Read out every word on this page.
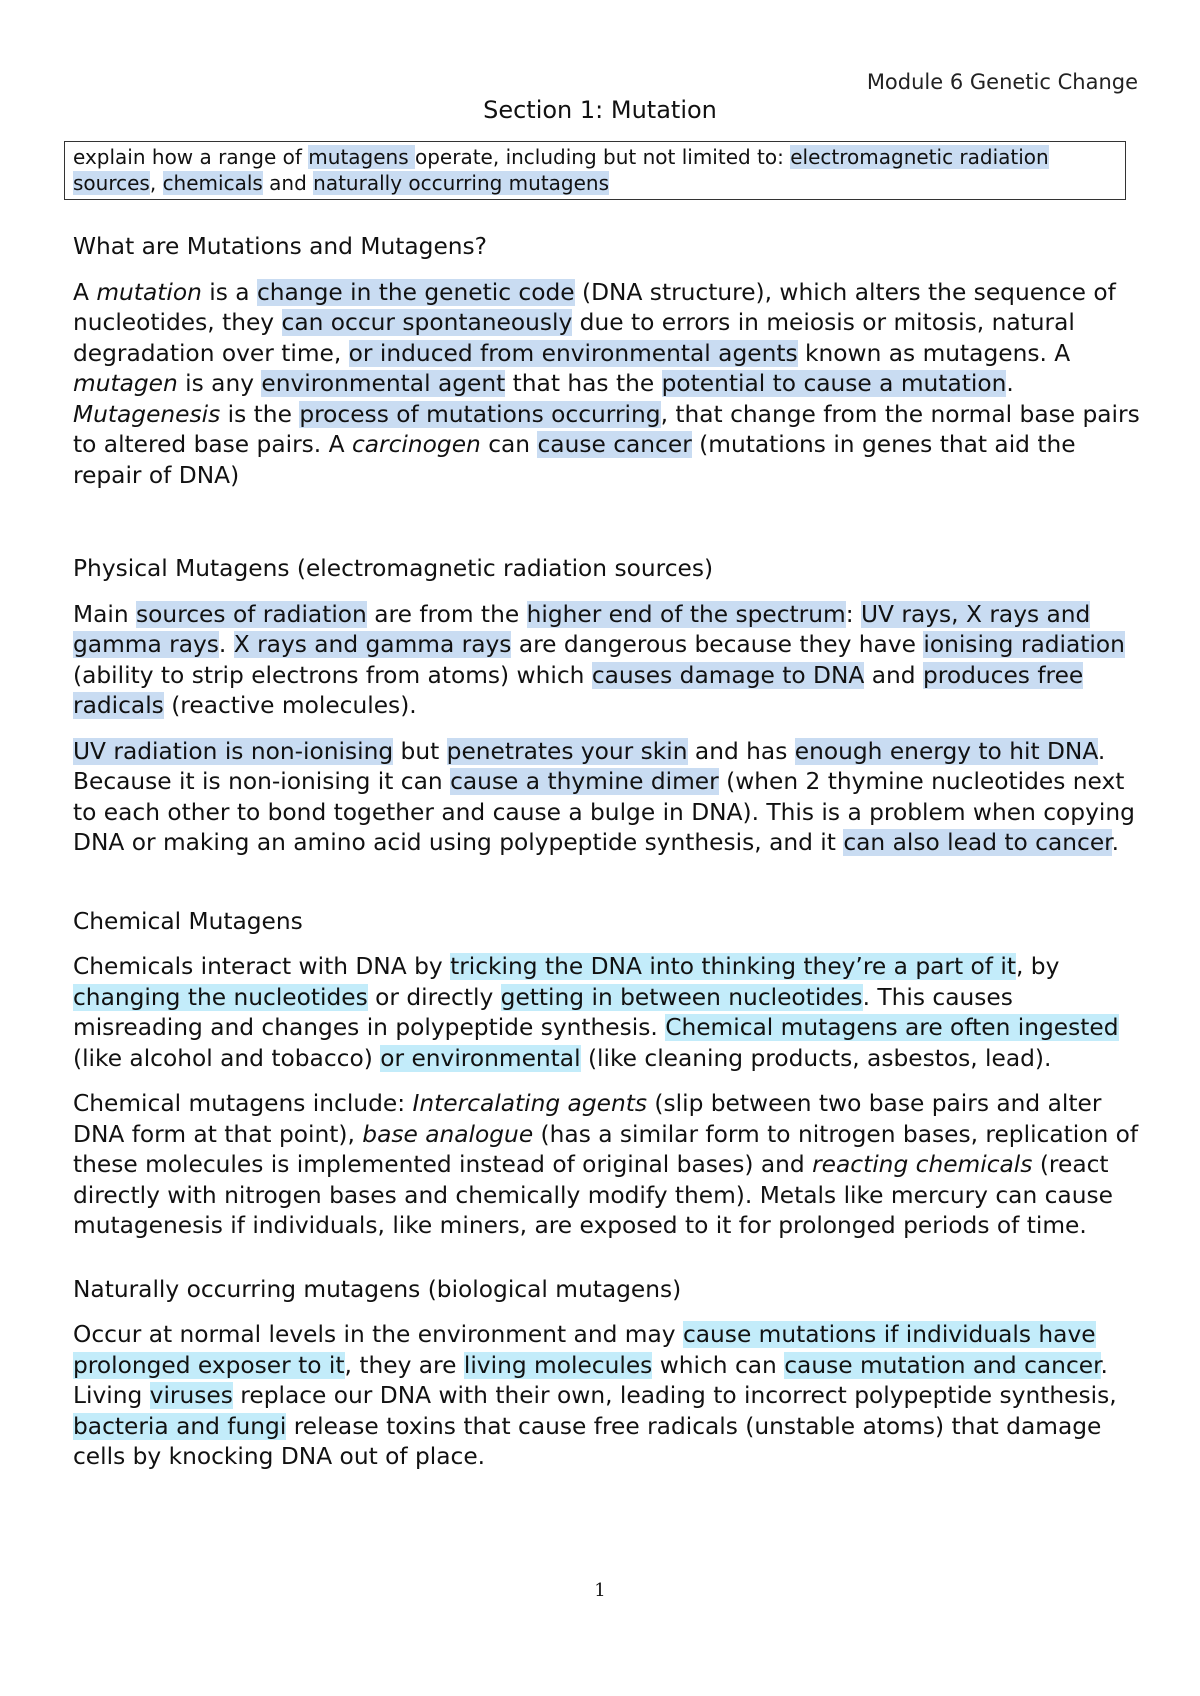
Module 6 Genetic Change
Section 1: Mutation
explain how a range of mutagens operate, including but not limited to: electromagnetic radiation sources, chemicals and naturally occurring mutagens
What are Mutations and Mutagens?

A mutation is a change in the genetic code (DNA structure), which alters the sequence of nucleotides, they can occur spontaneously due to errors in meiosis or mitosis, natural degradation over time, or induced from environmental agents known as mutagens. A mutagen is any environmental agent that has the potential to cause a mutation. Mutagenesis is the process of mutations occurring, that change from the normal base pairs to altered base pairs. A carcinogen can cause cancer (mutations in genes that aid the repair of DNA)

Physical Mutagens (electromagnetic radiation sources)

Main sources of radiation are from the higher end of the spectrum: UV rays, X rays and gamma rays. X rays and gamma rays are dangerous because they have ionising radiation (ability to strip electrons from atoms) which causes damage to DNA and produces free radicals (reactive molecules).

UV radiation is non-ionising but penetrates your skin and has enough energy to hit DNA. Because it is non-ionising it can cause a thymine dimer (when 2 thymine nucleotides next to each other to bond together and cause a bulge in DNA). This is a problem when copying DNA or making an amino acid using polypeptide synthesis, and it can also lead to cancer.

Chemical Mutagens

Chemicals interact with DNA by tricking the DNA into thinking they’re a part of it, by changing the nucleotides or directly getting in between nucleotides. This causes misreading and changes in polypeptide synthesis. Chemical mutagens are often ingested (like alcohol and tobacco) or environmental (like cleaning products, asbestos, lead).

Chemical mutagens include: Intercalating agents (slip between two base pairs and alter DNA form at that point), base analogue (has a similar form to nitrogen bases, replication of these molecules is implemented instead of original bases) and reacting chemicals (react directly with nitrogen bases and chemically modify them). Metals like mercury can cause mutagenesis if individuals, like miners, are exposed to it for prolonged periods of time.

Naturally occurring mutagens (biological mutagens)

Occur at normal levels in the environment and may cause mutations if individuals have prolonged exposer to it, they are living molecules which can cause mutation and cancer. Living viruses replace our DNA with their own, leading to incorrect polypeptide synthesis, bacteria and fungi release toxins that cause free radicals (unstable atoms) that damage cells by knocking DNA out of place.

1
